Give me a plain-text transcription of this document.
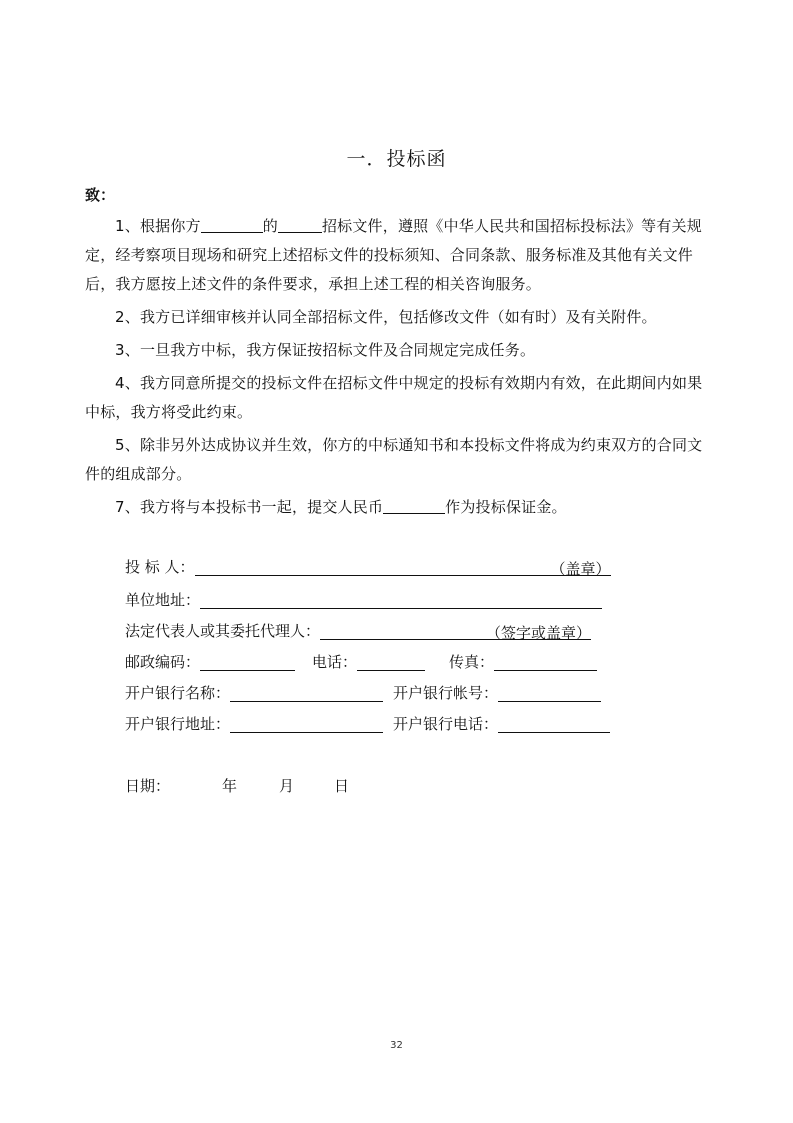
一．投标函
致：

1、根据你方	的	招标文件，遵照《中华人民共和国招标投标法》等有关规定，经考察项目现场和研究上述招标文件的投标须知、合同条款、服务标准及其他有关文件后，我方愿按上述文件的条件要求，承担上述工程的相关咨询服务。

2、我方已详细审核并认同全部招标文件，包括修改文件（如有时）及有关附件。

3、一旦我方中标，我方保证按招标文件及合同规定完成任务。

4、我方同意所提交的投标文件在招标文件中规定的投标有效期内有效，在此期间内如果中标，我方将受此约束。

5、除非另外达成协议并生效，你方的中标通知书和本投标文件将成为约束双方的合同文件的组成部分。

7、我方将与本投标书一起，提交人民币	作为投标保证金。

投 标 人：	（盖章）
单位地址：
法定代表人或其委托代理人：	（签字或盖章）
邮政编码：	电话：	传真：
开户银行名称：	开户银行帐号：
开户银行地址：	开户银行电话：
日期：	年	月	日
32
